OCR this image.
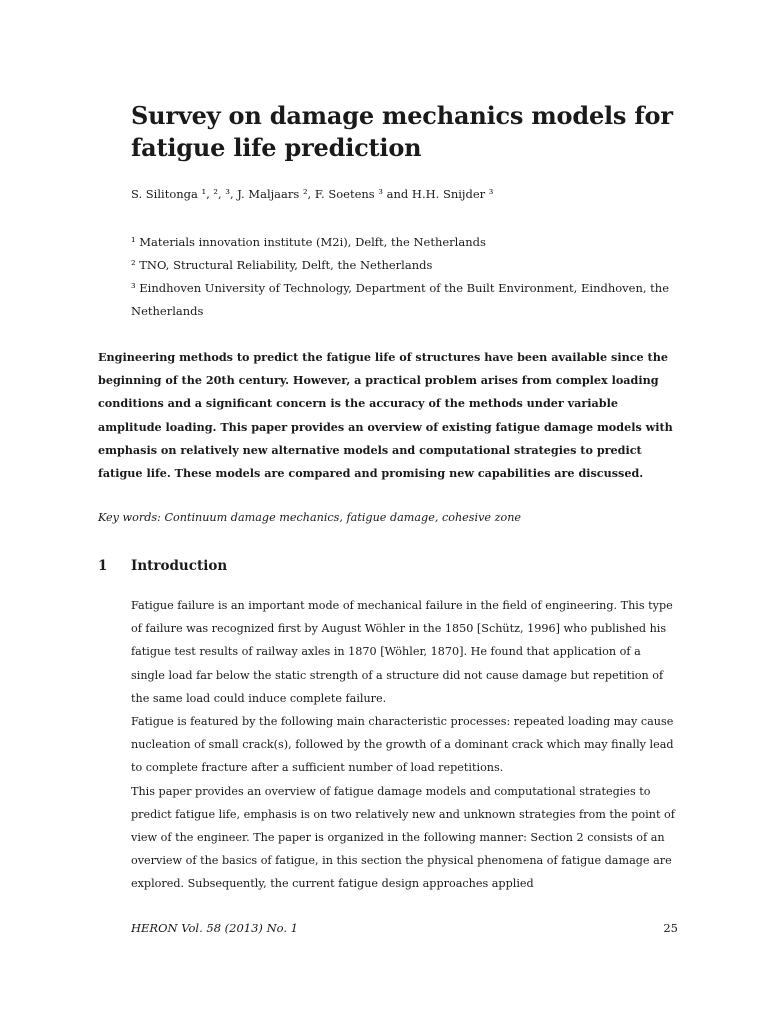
Survey on damage mechanics models for fatigue life prediction
S. Silitonga ¹, ², ³, J. Maljaars ², F. Soetens ³ and H.H. Snijder ³

¹ Materials innovation institute (M2i), Delft, the Netherlands

² TNO, Structural Reliability, Delft, the Netherlands

³ Eindhoven University of Technology, Department of the Built Environment, Eindhoven, the Netherlands

Engineering methods to predict the fatigue life of structures have been available since the beginning of the 20th century. However, a practical problem arises from complex loading conditions and a significant concern is the accuracy of the methods under variable amplitude loading. This paper provides an overview of existing fatigue damage models with emphasis on relatively new alternative models and computational strategies to predict fatigue life. These models are compared and promising new capabilities are discussed.

Key words: Continuum damage mechanics, fatigue damage, cohesive zone

1 Introduction

Fatigue failure is an important mode of mechanical failure in the field of engineering. This type of failure was recognized first by August Wöhler in the 1850 [Schütz, 1996] who published his fatigue test results of railway axles in 1870 [Wöhler, 1870]. He found that application of a single load far below the static strength of a structure did not cause damage but repetition of the same load could induce complete failure.

Fatigue is featured by the following main characteristic processes: repeated loading may cause nucleation of small crack(s), followed by the growth of a dominant crack which may finally lead to complete fracture after a sufficient number of load repetitions.

This paper provides an overview of fatigue damage models and computational strategies to predict fatigue life, emphasis is on two relatively new and unknown strategies from the point of view of the engineer. The paper is organized in the following manner: Section 2 consists of an overview of the basics of fatigue, in this section the physical phenomena of fatigue damage are explored. Subsequently, the current fatigue design approaches applied

HERON Vol. 58 (2013) No. 1	25
